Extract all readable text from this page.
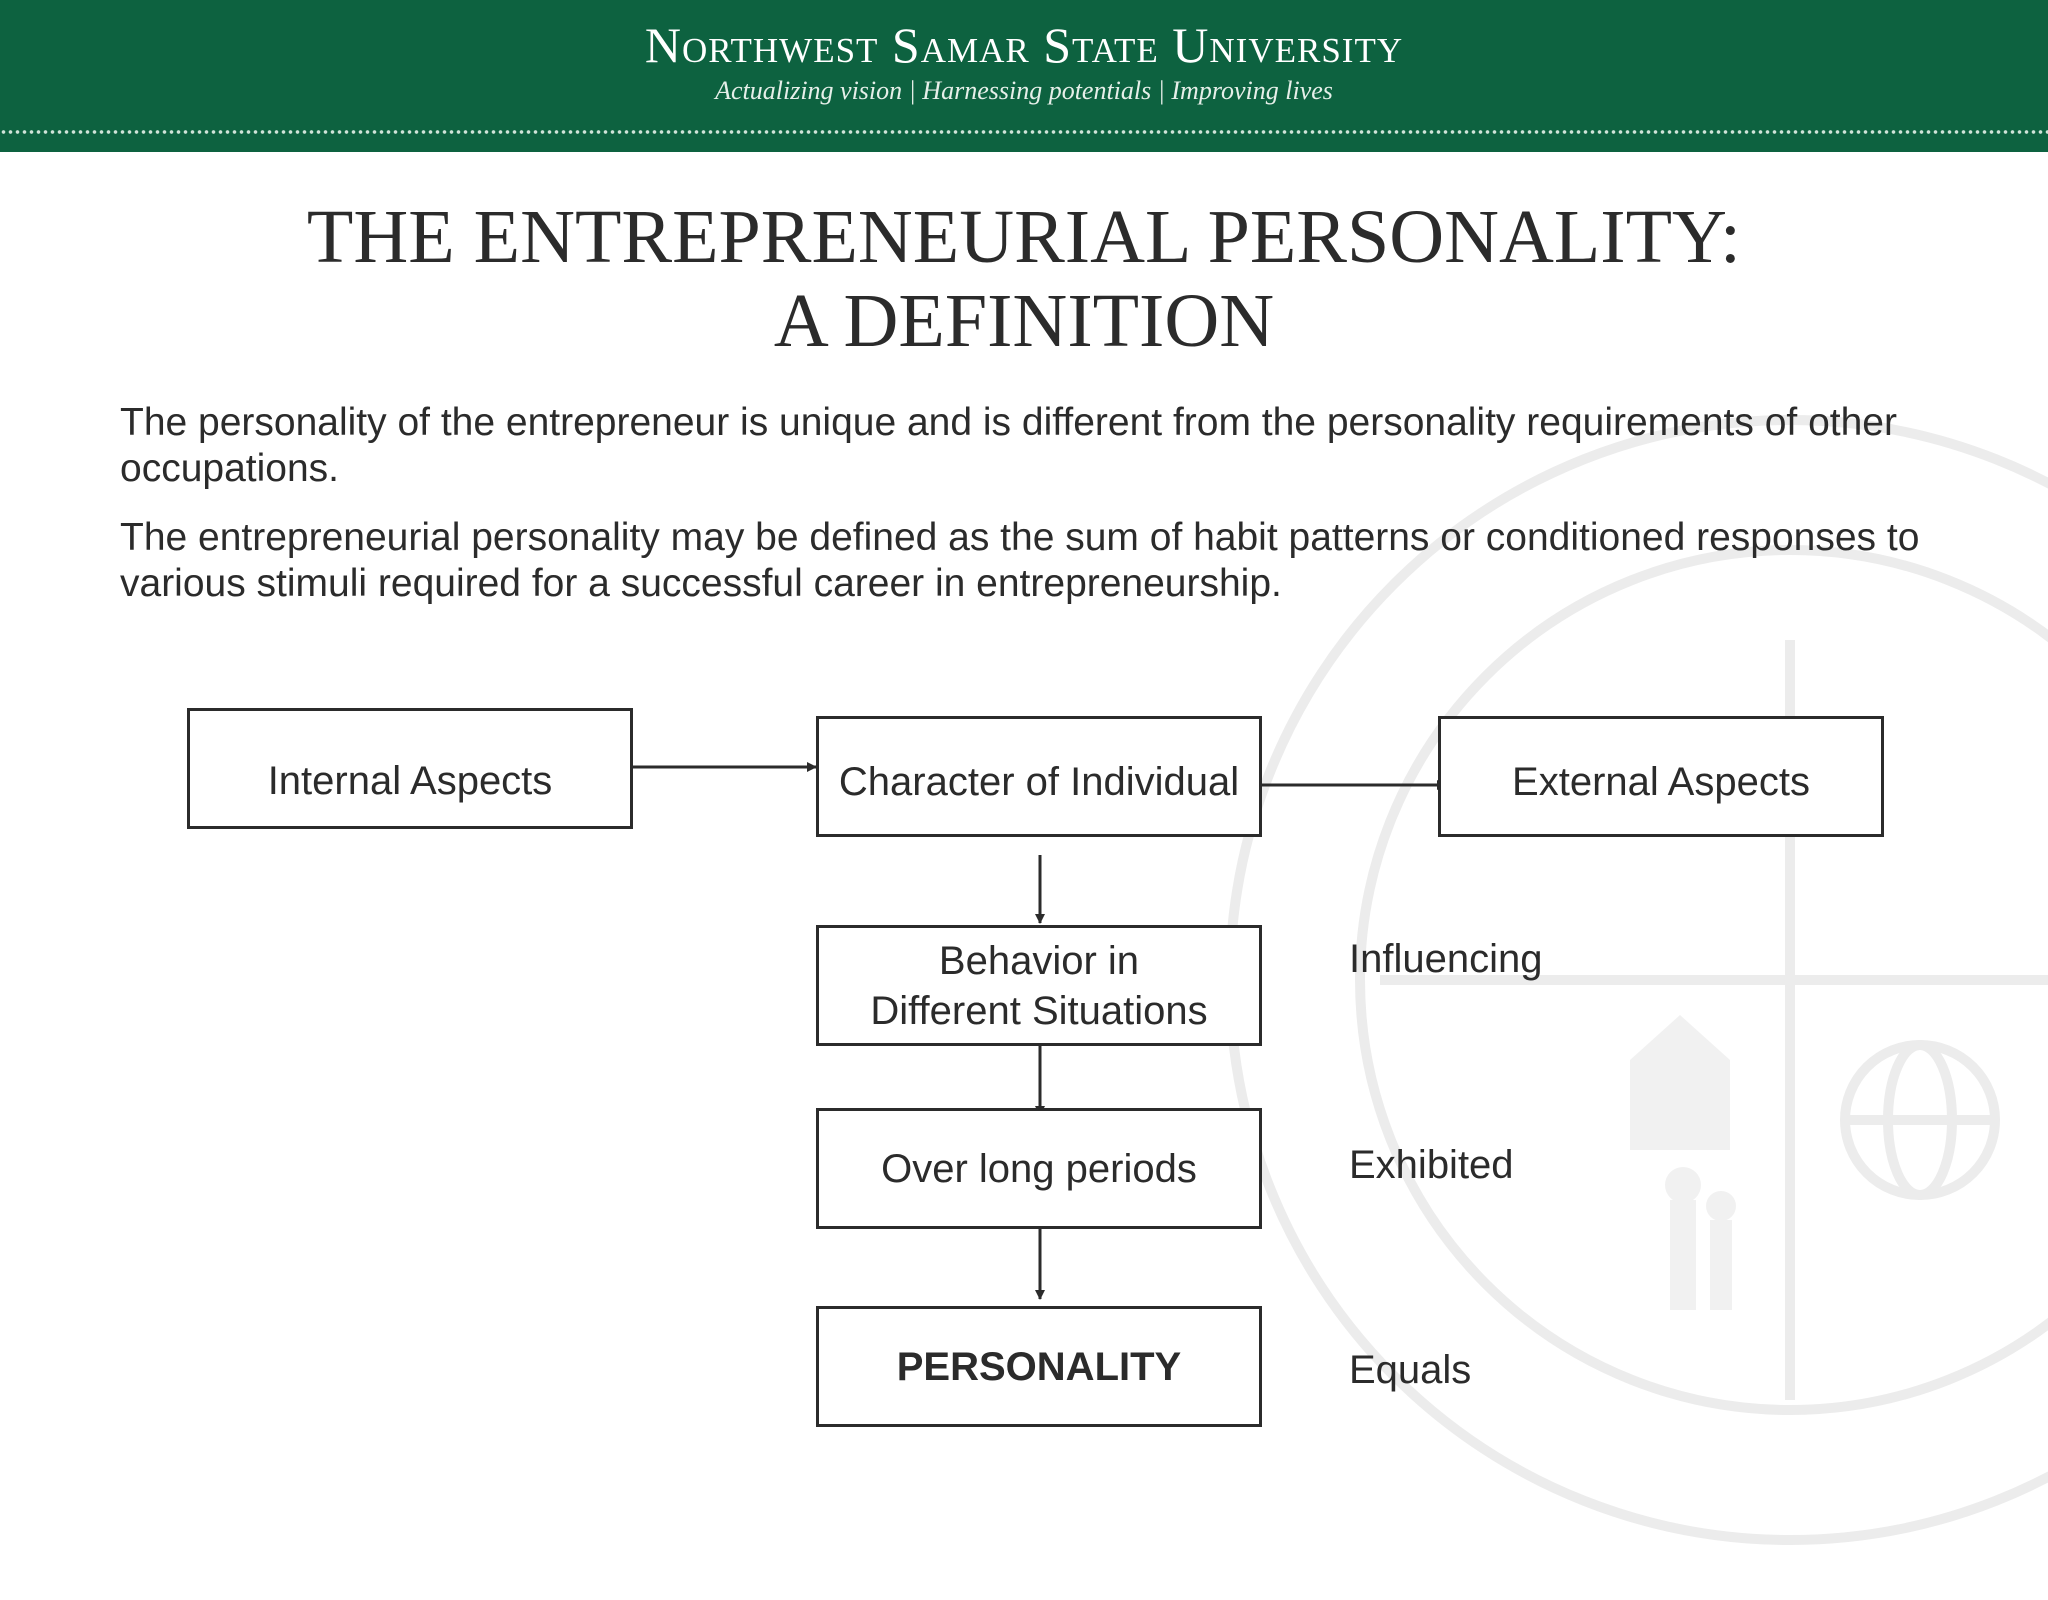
Northwest Samar State University
Actualizing vision | Harnessing potentials | Improving lives
THE ENTREPRENEURIAL PERSONALITY:
A DEFINITION
The personality of the entrepreneur is unique and is different from the personality requirements of other occupations.
The entrepreneurial personality may be defined as the sum of habit patterns or conditioned responses to various stimuli required for a successful career in entrepreneurship.
Internal Aspects	Character of Individual	External Aspects
Behavior in
Different Situations
Over long periods
PERSONALITY
Influencing
Exhibited
Equals
